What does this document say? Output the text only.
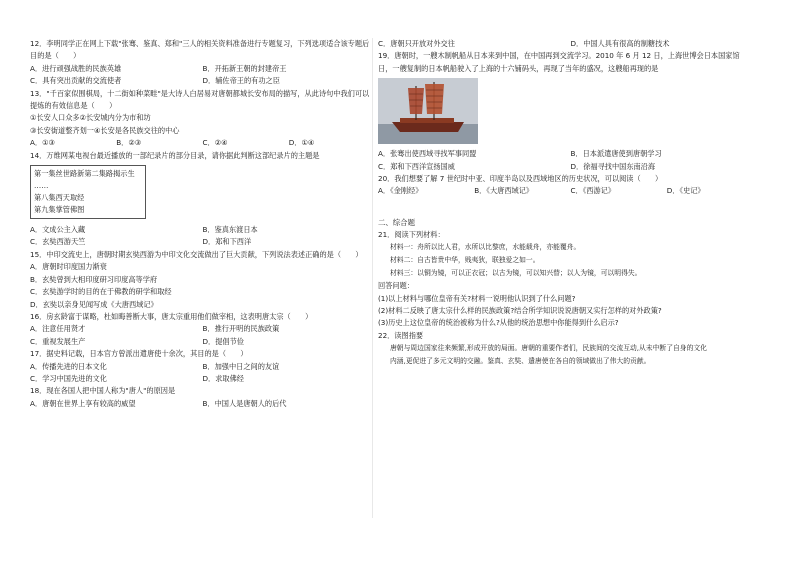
12．李明同学正在网上下载"张骞、鉴真、郑和"三人的相关资料准备进行专题复习，下列选项适合该专题后
目的是（　　）
A．进行顽强战胜的民族英雄	B．开拓新王朝的封建帝王
C．具有突出贡献的交流使者	D．辅佐帝王的有功之臣
13．"千百家似围棋局，十二街如种菜畦"是大诗人白居易对唐朝都城长安布局的描写，从此诗句中我们可以
提炼的有效信息是（　　）
①长安人口众多②长安城内分为市和坊
③长安街道整齐划一④长安是各民族交往的中心
A．①③	B．②③	C．②④	D．①④
14．万维网某电视台最近播放的一部纪录片的部分目录，请你据此判断这部纪录片的主题是
第一集丝世路新第二集路揭示生
……
第八集西天取经
第九集掌管佛图
A．文成公主入藏	B．鉴真东渡日本
C．玄奘西游天竺	D．郑和下西洋
15．中印交流史上，唐朝时期玄奘西游为中印文化交流做出了巨大贡献，下列说法表述正确的是（　　）
A．唐朝时印度国力渐衰
B．玄奘曾到大相印度研习印度高等学府
C．玄奘游学时的目的在于佛教的研学和取经
D．玄奘以亲身见闻写成《大唐西域记》
16．房玄龄富于谋略，杜如晦善断大事，唐太宗重用他们做宰相，这表明唐太宗（　　）
A．注意任用贤才	B．推行开明的民族政策
C．重视发展生产	D．提倡节俭
17．据史料记载，日本官方曾派出遣唐使十余次，其目的是（　　）
A．传播先进的日本文化	B．加强中日之间的友谊
C．学习中国先进的文化	D．求取佛经
18．现在各国人把中国人称为"唐人"的原因是
A．唐朝在世界上享有较高的威望	B．中国人是唐朝人的后代
C．唐朝只开放对外交往	D．中国人具有很高的制糖技术
19．唐朝时，一艘木制帆船从日本来到中国，在中国再到交流学习。2010 年 6 月 12 日，上海世博会日本国家馆
日，一艘复制的日本帆船驶入了上海的十六铺码头，再现了当年的盛况，这艘船再现的是
A．张骞出使西域寻找军事同盟	B．日本派遣唐使到唐朝学习
C．郑和下西洋宣扬国威	D．徐福寻找中国东南沿海
20．我们想要了解 7 世纪时中亚、印度半岛以及西域地区的历史状况，可以阅读（　　）
A．《金刚经》	B．《大唐西域记》	C．《西游记》	D．《史记》
二、综合题
21．阅读下列材料：
材料一：舟所以比人君，水所以比黎庶，水能载舟，亦能覆舟。
材料二：自古皆贵中华，贱夷狄，联独爱之如一。
材料三：以铜为镜，可以正衣冠；以古为镜，可以知兴替；以人为镜，可以明得失。
回答问题：
(1)以上材料与哪位皇帝有关?材料一说明他认识到了什么问题?
(2)材料二反映了唐太宗什么样的民族政策?结合所学知识说说唐朝又实行怎样的对外政策?
(3)历史上这位皇帝的统治被称为什么?从他的统治思想中你能得到什么启示?
22．读图指要
唐朝与周边国家往来频繁,形成开放的局面。唐朝的重要作者们，民族间的交流互动,从未中断了自身的文化
内涵,更促进了多元文明的交融。鉴真、玄奘、遣唐使在各自的领域做出了伟大的贡献。
